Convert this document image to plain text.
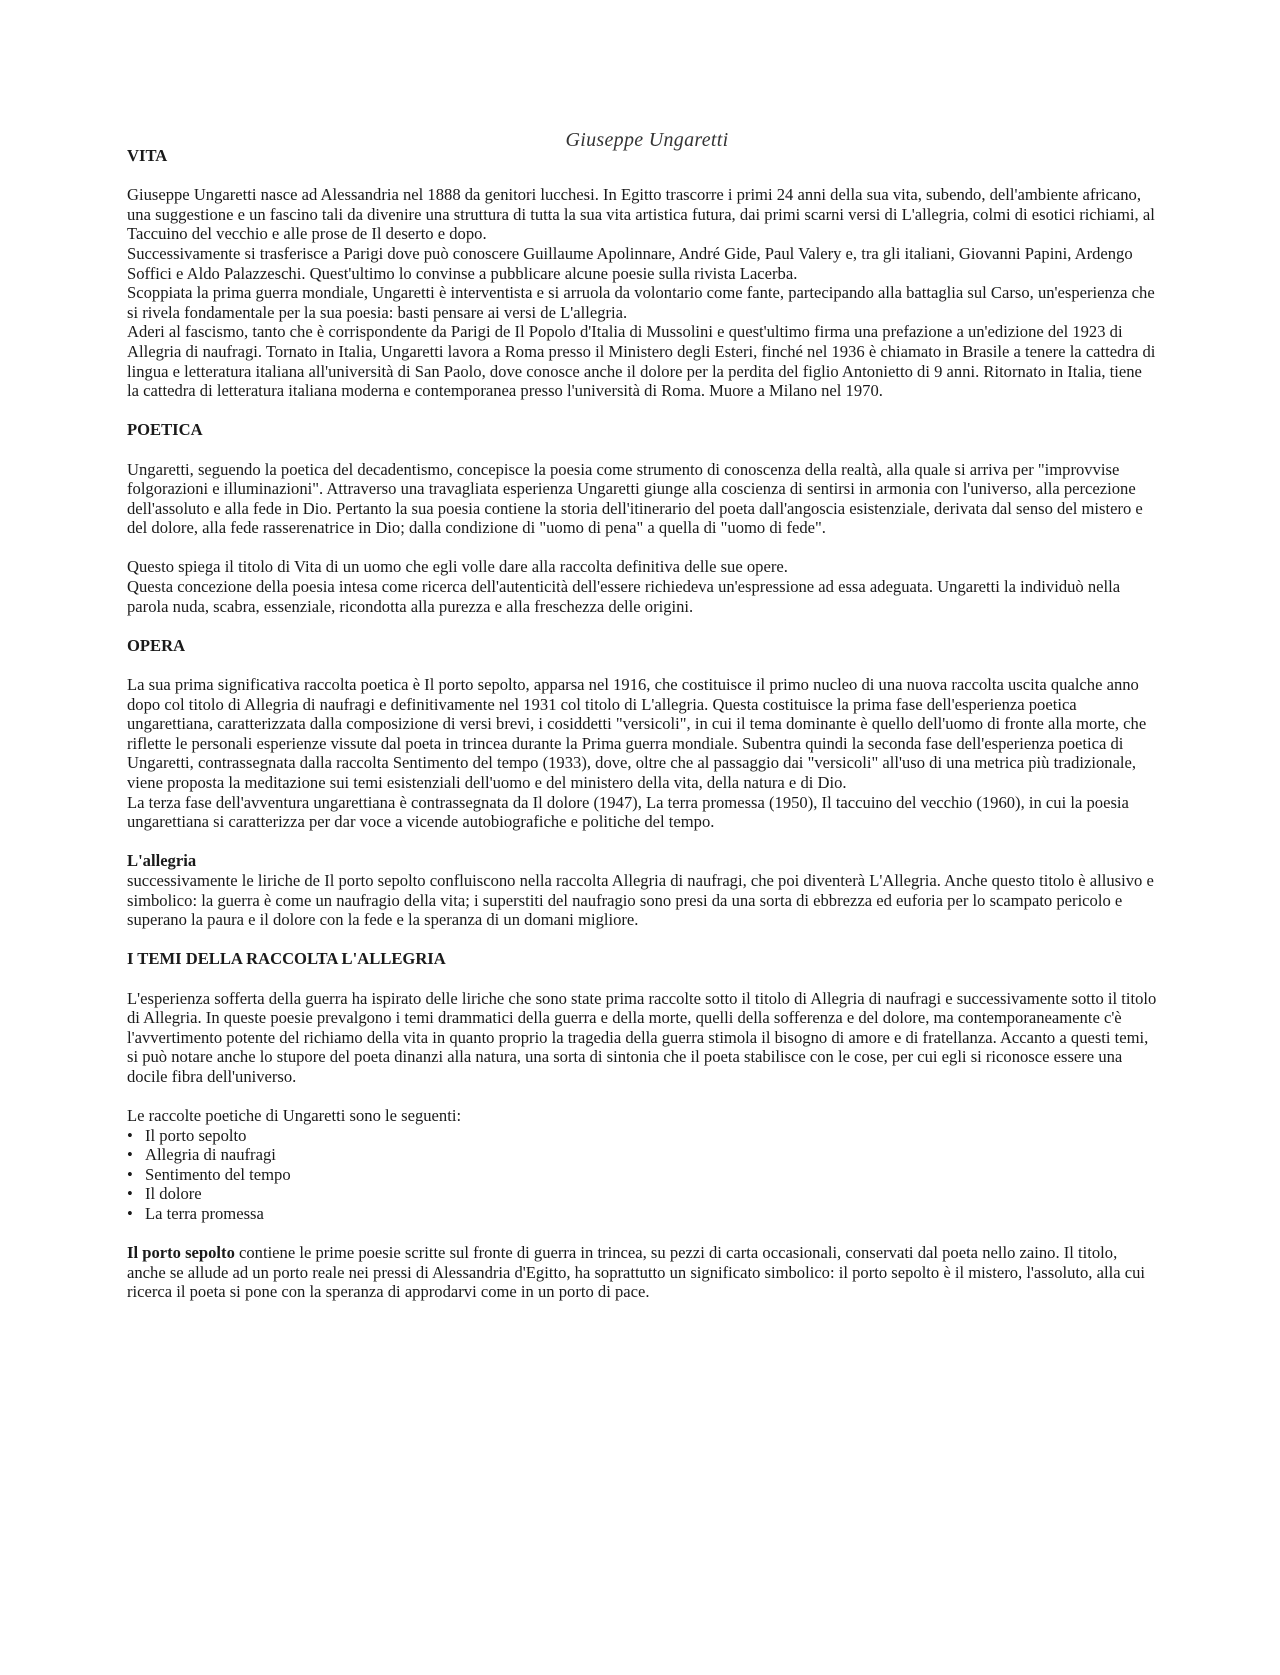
Giuseppe Ungaretti
VITA

Giuseppe Ungaretti nasce ad Alessandria nel 1888 da genitori lucchesi. In Egitto trascorre i primi 24 anni della sua vita, subendo, dell'ambiente africano, una suggestione e un fascino tali da divenire una struttura di tutta la sua vita artistica futura, dai primi scarni versi di L'allegria, colmi di esotici richiami, al Taccuino del vecchio e alle prose de Il deserto e dopo.

Successivamente si trasferisce a Parigi dove può conoscere Guillaume Apolinnare, André Gide, Paul Valery e, tra gli italiani, Giovanni Papini, Ardengo Soffici e Aldo Palazzeschi. Quest'ultimo lo convinse a pubblicare alcune poesie sulla rivista Lacerba.

Scoppiata la prima guerra mondiale, Ungaretti è interventista e si arruola da volontario come fante, partecipando alla battaglia sul Carso, un'esperienza che si rivela fondamentale per la sua poesia: basti pensare ai versi de L'allegria.

Aderi al fascismo, tanto che è corrispondente da Parigi de Il Popolo d'Italia di Mussolini e quest'ultimo firma una prefazione a un'edizione del 1923 di Allegria di naufragi. Tornato in Italia, Ungaretti lavora a Roma presso il Ministero degli Esteri, finché nel 1936 è chiamato in Brasile a tenere la cattedra di lingua e letteratura italiana all'università di San Paolo, dove conosce anche il dolore per la perdita del figlio Antonietto di 9 anni. Ritornato in Italia, tiene la cattedra di letteratura italiana moderna e contemporanea presso l'università di Roma. Muore a Milano nel 1970.

POETICA

Ungaretti, seguendo la poetica del decadentismo, concepisce la poesia come strumento di conoscenza della realtà, alla quale si arriva per "improvvise folgorazioni e illuminazioni". Attraverso una travagliata esperienza Ungaretti giunge alla coscienza di sentirsi in armonia con l'universo, alla percezione dell'assoluto e alla fede in Dio. Pertanto la sua poesia contiene la storia dell'itinerario del poeta dall'angoscia esistenziale, derivata dal senso del mistero e del dolore, alla fede rasserenatrice in Dio; dalla condizione di "uomo di pena" a quella di "uomo di fede".

Questo spiega il titolo di Vita di un uomo che egli volle dare alla raccolta definitiva delle sue opere.

Questa concezione della poesia intesa come ricerca dell'autenticità dell'essere richiedeva un'espressione ad essa adeguata. Ungaretti la individuò nella parola nuda, scabra, essenziale, ricondotta alla purezza e alla freschezza delle origini.

OPERA

La sua prima significativa raccolta poetica è Il porto sepolto, apparsa nel 1916, che costituisce il primo nucleo di una nuova raccolta uscita qualche anno dopo col titolo di Allegria di naufragi e definitivamente nel 1931 col titolo di L'allegria. Questa costituisce la prima fase dell'esperienza poetica ungarettiana, caratterizzata dalla composizione di versi brevi, i cosiddetti "versicoli", in cui il tema dominante è quello dell'uomo di fronte alla morte, che riflette le personali esperienze vissute dal poeta in trincea durante la Prima guerra mondiale. Subentra quindi la seconda fase dell'esperienza poetica di Ungaretti, contrassegnata dalla raccolta Sentimento del tempo (1933), dove, oltre che al passaggio dai "versicoli" all'uso di una metrica più tradizionale, viene proposta la meditazione sui temi esistenziali dell'uomo e del ministero della vita, della natura e di Dio.

La terza fase dell'avventura ungarettiana è contrassegnata da Il dolore (1947), La terra promessa (1950), Il taccuino del vecchio (1960), in cui la poesia ungarettiana si caratterizza per dar voce a vicende autobiografiche e politiche del tempo.

L'allegria

successivamente le liriche de Il porto sepolto confluiscono nella raccolta Allegria di naufragi, che poi diventerà L'Allegria. Anche questo titolo è allusivo e simbolico: la guerra è come un naufragio della vita; i superstiti del naufragio sono presi da una sorta di ebbrezza ed euforia per lo scampato pericolo e superano la paura e il dolore con la fede e la speranza di un domani migliore.

I TEMI DELLA RACCOLTA L'ALLEGRIA

L'esperienza sofferta della guerra ha ispirato delle liriche che sono state prima raccolte sotto il titolo di Allegria di naufragi e successivamente sotto il titolo di Allegria. In queste poesie prevalgono i temi drammatici della guerra e della morte, quelli della sofferenza e del dolore, ma contemporaneamente c'è l'avvertimento potente del richiamo della vita in quanto proprio la tragedia della guerra stimola il bisogno di amore e di fratellanza. Accanto a questi temi, si può notare anche lo stupore del poeta dinanzi alla natura, una sorta di sintonia che il poeta stabilisce con le cose, per cui egli si riconosce essere una docile fibra dell'universo.

Le raccolte poetiche di Ungaretti sono le seguenti:

• Il porto sepolto
• Allegria di naufragi
• Sentimento del tempo
• Il dolore
• La terra promessa

Il porto sepolto contiene le prime poesie scritte sul fronte di guerra in trincea, su pezzi di carta occasionali, conservati dal poeta nello zaino. Il titolo, anche se allude ad un porto reale nei pressi di Alessandria d'Egitto, ha soprattutto un significato simbolico: il porto sepolto è il mistero, l'assoluto, alla cui ricerca il poeta si pone con la speranza di approdarvi come in un porto di pace.
